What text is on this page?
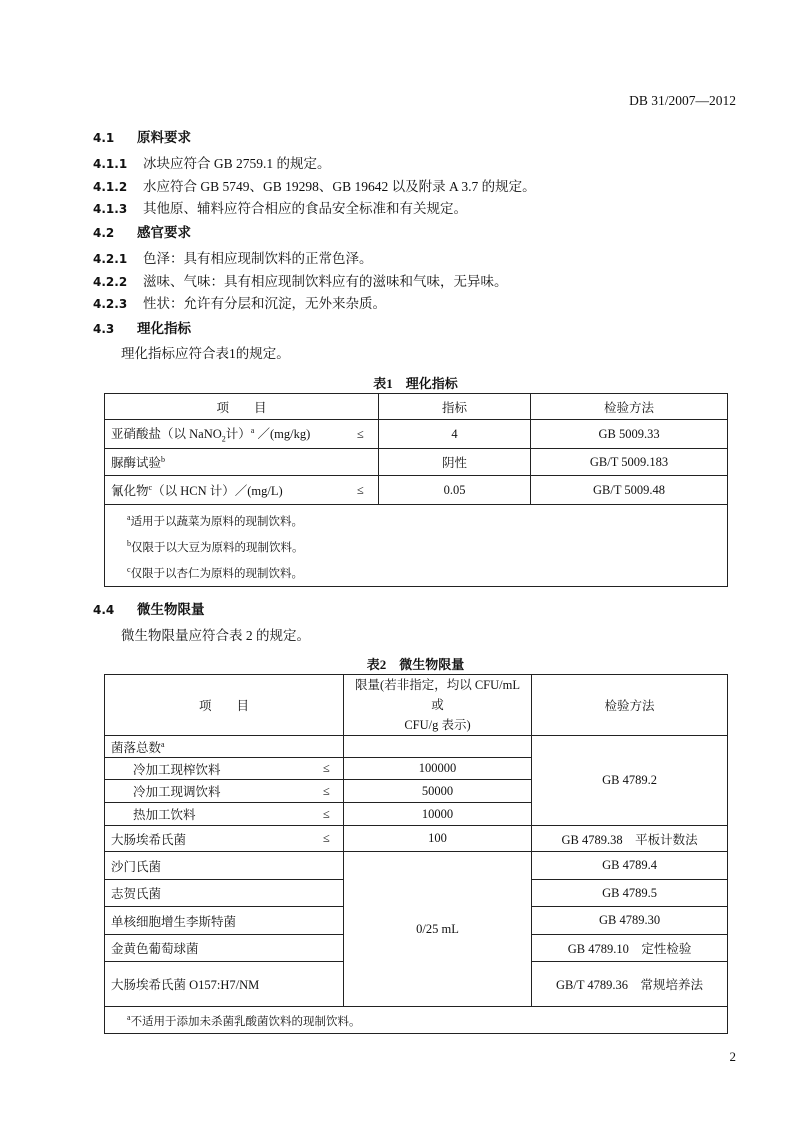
DB 31/2007—2012
4.1 原料要求
4.1.1 冰块应符合 GB 2759.1 的规定。
4.1.2 水应符合 GB 5749、GB 19298、GB 19642 以及附录 A 3.7 的规定。
4.1.3 其他原、辅料应符合相应的食品安全标准和有关规定。
4.2 感官要求
4.2.1 色泽：具有相应现制饮料的正常色泽。
4.2.2 滋味、气味：具有相应现制饮料应有的滋味和气味，无异味。
4.2.3 性状：允许有分层和沉淀，无外来杂质。
4.3 理化指标
理化指标应符合表1的规定。
表1　理化指标
项　　目		指标	检验方法
亚硝酸盐（以 NaNO$_2$计）$^a$ ／(mg/kg)	≤	4	GB 5009.33
脲酶试验$^b$		阴性	GB/T 5009.183
氰化物$^c$（以 HCN 计）／(mg/L)	≤	0.05	GB/T 5009.48

$^a$适用于以蔬菜为原料的现制饮料。
$^b$仅限于以大豆为原料的现制饮料。
$^c$仅限于以杏仁为原料的现制饮料。			
4.4 微生物限量
微生物限量应符合表 2 的规定。
表2　微生物限量
项　　目		限量(若非指定，均以 CFU/mL 或
CFU/g 表示)	检验方法
菌落总数$^a$			GB 4789.2
冷加工现榨饮料	≤	100000	
冷加工现调饮料	≤	50000	
热加工饮料	≤	10000	
大肠埃希氏菌	≤	100	GB 4789.38　平板计数法
沙门氏菌		0/25 mL	GB 4789.4
志贺氏菌			GB 4789.5
单核细胞增生李斯特菌			GB 4789.30
金黄色葡萄球菌			GB 4789.10　定性检验
大肠埃希氏菌 O157:H7/NM			GB/T 4789.36　常规培养法

$^a$不适用于添加未杀菌乳酸菌饮料的现制饮料。			
2
